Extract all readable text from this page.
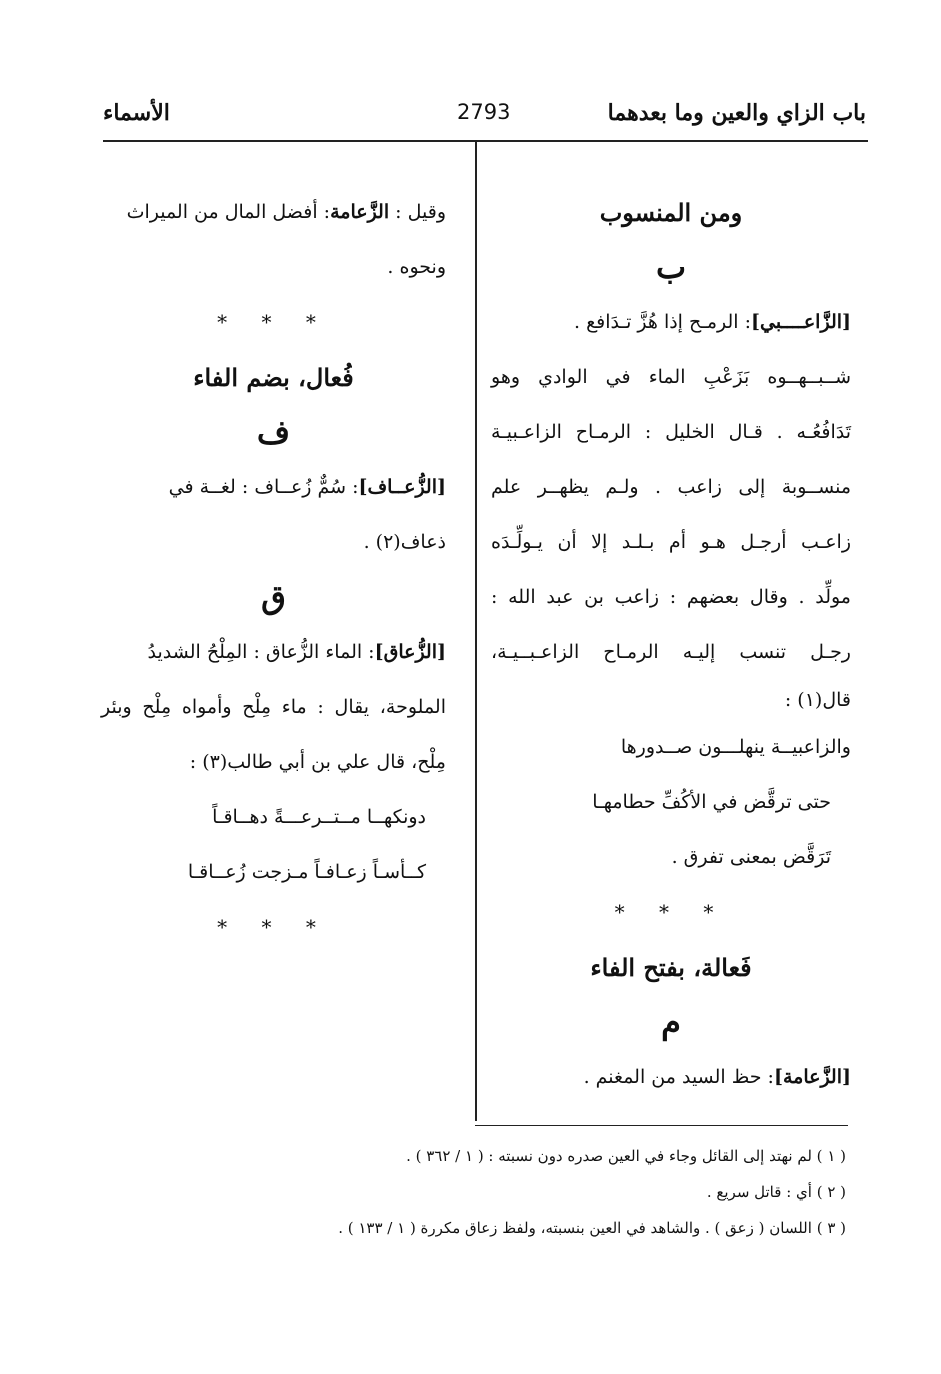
باب الزاي والعين وما بعدهما
2793
الأسماء
ومن المنسوب
ب
[الزَّاعــــبي]: الرمـح إذا هُزَّ تـدَافع .
شــبــهــوه بَزَعْبِ الماء في الوادي وهو
تَدَافُعُـه . قـال الخليل : الرمـاح الزاعـبيـة
منســوبة إلى زاعب . ولـم يظهــر علم
زاعـب أرجـل هـو أم بـلـد إلا أن يـولِّـدَه
مولِّد . وقال بعضهم : زاعب بن عبد الله :
رجـل تنسب إليـه الرمـاح الزاعـبــيـة،
قال(١) :
والزاعبيــة ينهلـــون صــدورها
حتى ترقَّض في الأكُفِّ حطامهـا
تَرَقَّض بمعنى تفرق .
* * *
فَعالة، بفتح الفاء
م
[الزَّعامة]: حظ السيد من المغنم .
وقيل : الزَّعامة: أفضل المال من الميراث
ونحوه .
* * *
فُعال، بضم الفاء
ف
[الزُّعــاف]: سُمٌّ زُعــاف : لغــة في
ذعاف(٢) .
ق
[الزُّعاق]: الماء الزُّعاق : المِلْحُ الشديدُ
الملوحة، يقال : ماء مِلْح وأمواه مِلْح وبئر
مِلْح، قال علي بن أبي طالب(٣) :
دونكهــا مــتــرعـــةً دهــاقـاً
كــأسـاً زعـافـاً مـزجت زُعــاقـا
* * *
( ١ ) لم نهتد إلى القائل وجاء في العين صدره دون نسبته : ( ١ / ٣٦٢ ) .
( ٢ ) أي : قاتل سريع .
( ٣ ) اللسان ( زعق ) . والشاهد في العين بنسبته، ولفظ زعاق مكررة ( ١ / ١٣٣ ) .
